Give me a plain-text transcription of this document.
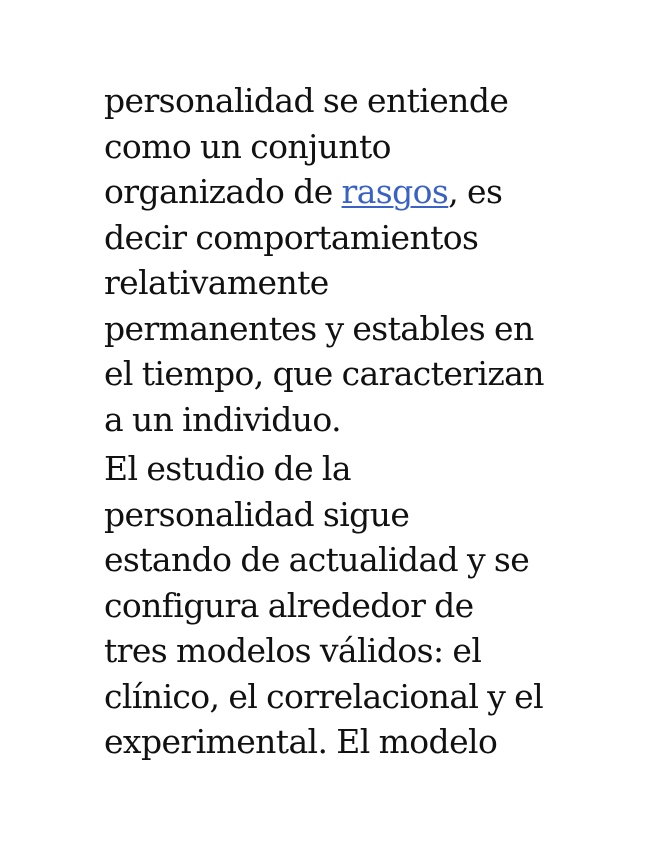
personalidad se entiende
como un conjunto
organizado de rasgos, es
decir comportamientos
relativamente
permanentes y estables en
el tiempo, que caracterizan
a un individuo.

El estudio de la
personalidad sigue
estando de actualidad y se
configura alrededor de
tres modelos válidos: el
clínico, el correlacional y el
experimental. El modelo
